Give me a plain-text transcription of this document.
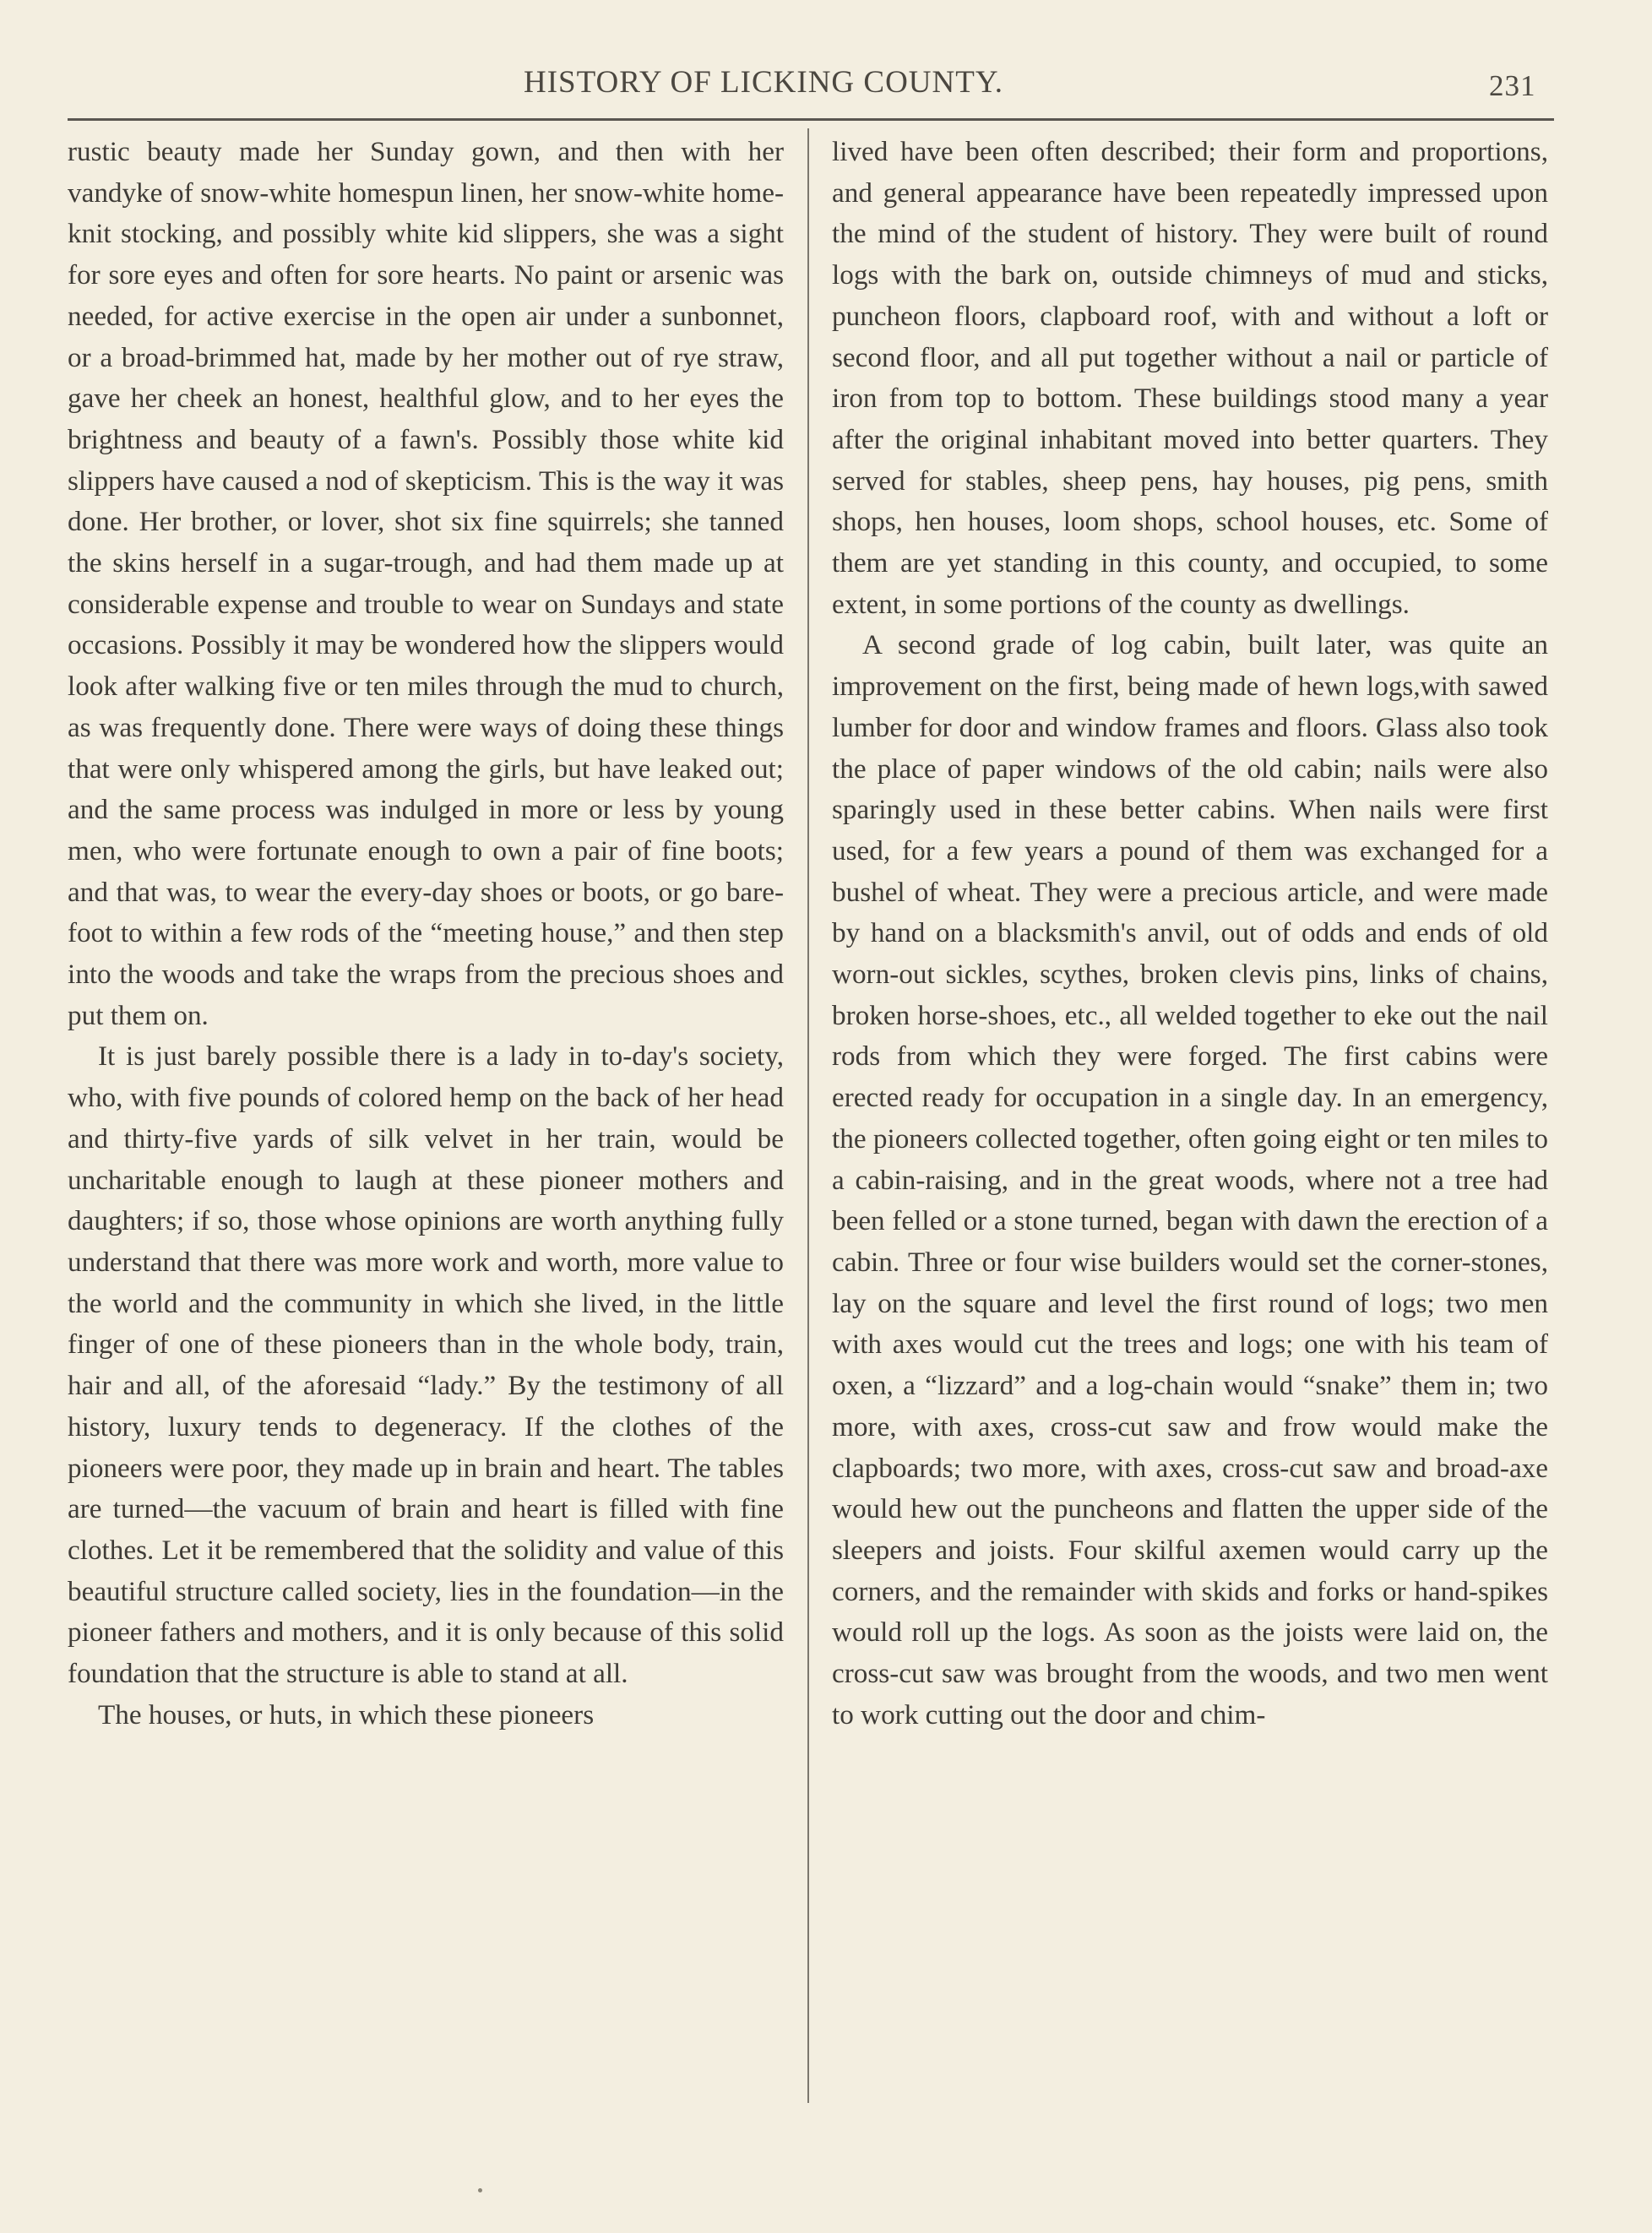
HISTORY OF LICKING COUNTY.	231

rustic beauty made her Sunday gown, and then with her vandyke of snow-white homespun linen, her snow-white home-knit stocking, and possibly white kid slippers, she was a sight for sore eyes and often for sore hearts. No paint or arsenic was needed, for active exercise in the open air under a sunbonnet, or a broad-brimmed hat, made by her mother out of rye straw, gave her cheek an honest, healthful glow, and to her eyes the brightness and beauty of a fawn's. Possibly those white kid slippers have caused a nod of skepticism. This is the way it was done. Her brother, or lover, shot six fine squirrels; she tanned the skins herself in a sugar-trough, and had them made up at considerable expense and trouble to wear on Sundays and state occasions. Possibly it may be wondered how the slippers would look after walking five or ten miles through the mud to church, as was frequently done. There were ways of doing these things that were only whispered among the girls, but have leaked out; and the same process was indulged in more or less by young men, who were fortunate enough to own a pair of fine boots; and that was, to wear the every-day shoes or boots, or go barefoot to within a few rods of the “meeting house,” and then step into the woods and take the wraps from the precious shoes and put them on.

It is just barely possible there is a lady in to-day's society, who, with five pounds of colored hemp on the back of her head and thirty-five yards of silk velvet in her train, would be uncharitable enough to laugh at these pioneer mothers and daughters; if so, those whose opinions are worth anything fully understand that there was more work and worth, more value to the world and the community in which she lived, in the little finger of one of these pioneers than in the whole body, train, hair and all, of the aforesaid “lady.” By the testimony of all history, luxury tends to degeneracy. If the clothes of the pioneers were poor, they made up in brain and heart. The tables are turned—the vacuum of brain and heart is filled with fine clothes. Let it be remembered that the solidity and value of this beautiful structure called society, lies in the foundation—in the pioneer fathers and mothers, and it is only because of this solid foundation that the structure is able to stand at all.

The houses, or huts, in which these pioneers

lived have been often described; their form and proportions, and general appearance have been repeatedly impressed upon the mind of the student of history. They were built of round logs with the bark on, outside chimneys of mud and sticks, puncheon floors, clapboard roof, with and without a loft or second floor, and all put together without a nail or particle of iron from top to bottom. These buildings stood many a year after the original inhabitant moved into better quarters. They served for stables, sheep pens, hay houses, pig pens, smith shops, hen houses, loom shops, school houses, etc. Some of them are yet standing in this county, and occupied, to some extent, in some portions of the county as dwellings.

A second grade of log cabin, built later, was quite an improvement on the first, being made of hewn logs,with sawed lumber for door and window frames and floors. Glass also took the place of paper windows of the old cabin; nails were also sparingly used in these better cabins. When nails were first used, for a few years a pound of them was exchanged for a bushel of wheat. They were a precious article, and were made by hand on a blacksmith's anvil, out of odds and ends of old worn-out sickles, scythes, broken clevis pins, links of chains, broken horse-shoes, etc., all welded together to eke out the nail rods from which they were forged. The first cabins were erected ready for occupation in a single day. In an emergency, the pioneers collected together, often going eight or ten miles to a cabin-raising, and in the great woods, where not a tree had been felled or a stone turned, began with dawn the erection of a cabin. Three or four wise builders would set the corner-stones, lay on the square and level the first round of logs; two men with axes would cut the trees and logs; one with his team of oxen, a “lizzard” and a log-chain would “snake” them in; two more, with axes, cross-cut saw and frow would make the clapboards; two more, with axes, cross-cut saw and broad-axe would hew out the puncheons and flatten the upper side of the sleepers and joists. Four skilful axemen would carry up the corners, and the remainder with skids and forks or hand-spikes would roll up the logs. As soon as the joists were laid on, the cross-cut saw was brought from the woods, and two men went to work cutting out the door and chim-
